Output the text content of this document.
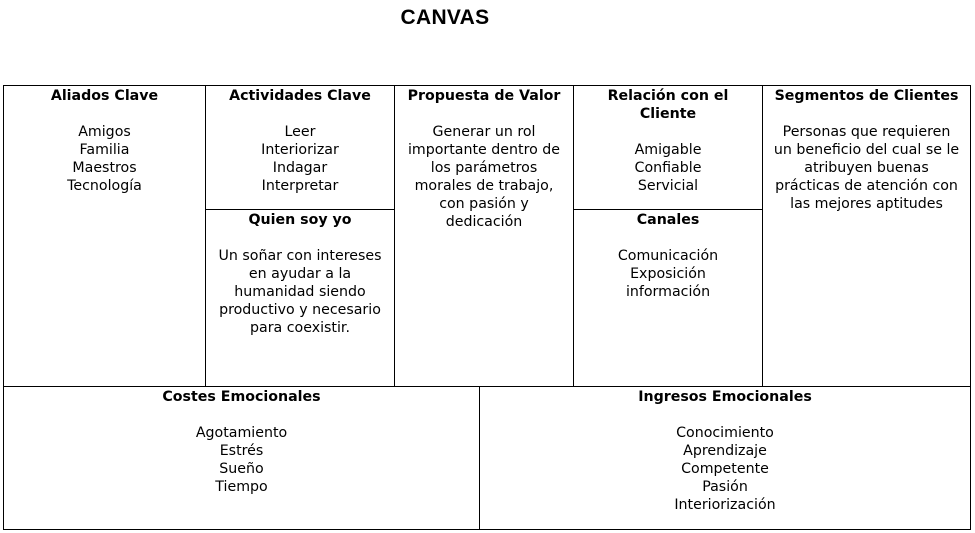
CANVAS
Aliados Clave
Amigos
Familia
Maestros
Tecnología
Actividades Clave
Leer
Interiorizar
Indagar
Interpretar
Quien soy yo
Un soñar con intereses
en ayudar a la
humanidad siendo
productivo y necesario
para coexistir.
Propuesta de Valor
Generar un rol
importante dentro de
los parámetros
morales de trabajo,
con pasión y
dedicación
Relación con el
Cliente
Amigable
Confiable
Servicial
Canales
Comunicación
Exposición
información
Segmentos de Clientes
Personas que requieren
un beneficio del cual se le
atribuyen buenas
prácticas de atención con
las mejores aptitudes
Costes Emocionales
Agotamiento
Estrés
Sueño
Tiempo
Ingresos Emocionales
Conocimiento
Aprendizaje
Competente
Pasión
Interiorización
